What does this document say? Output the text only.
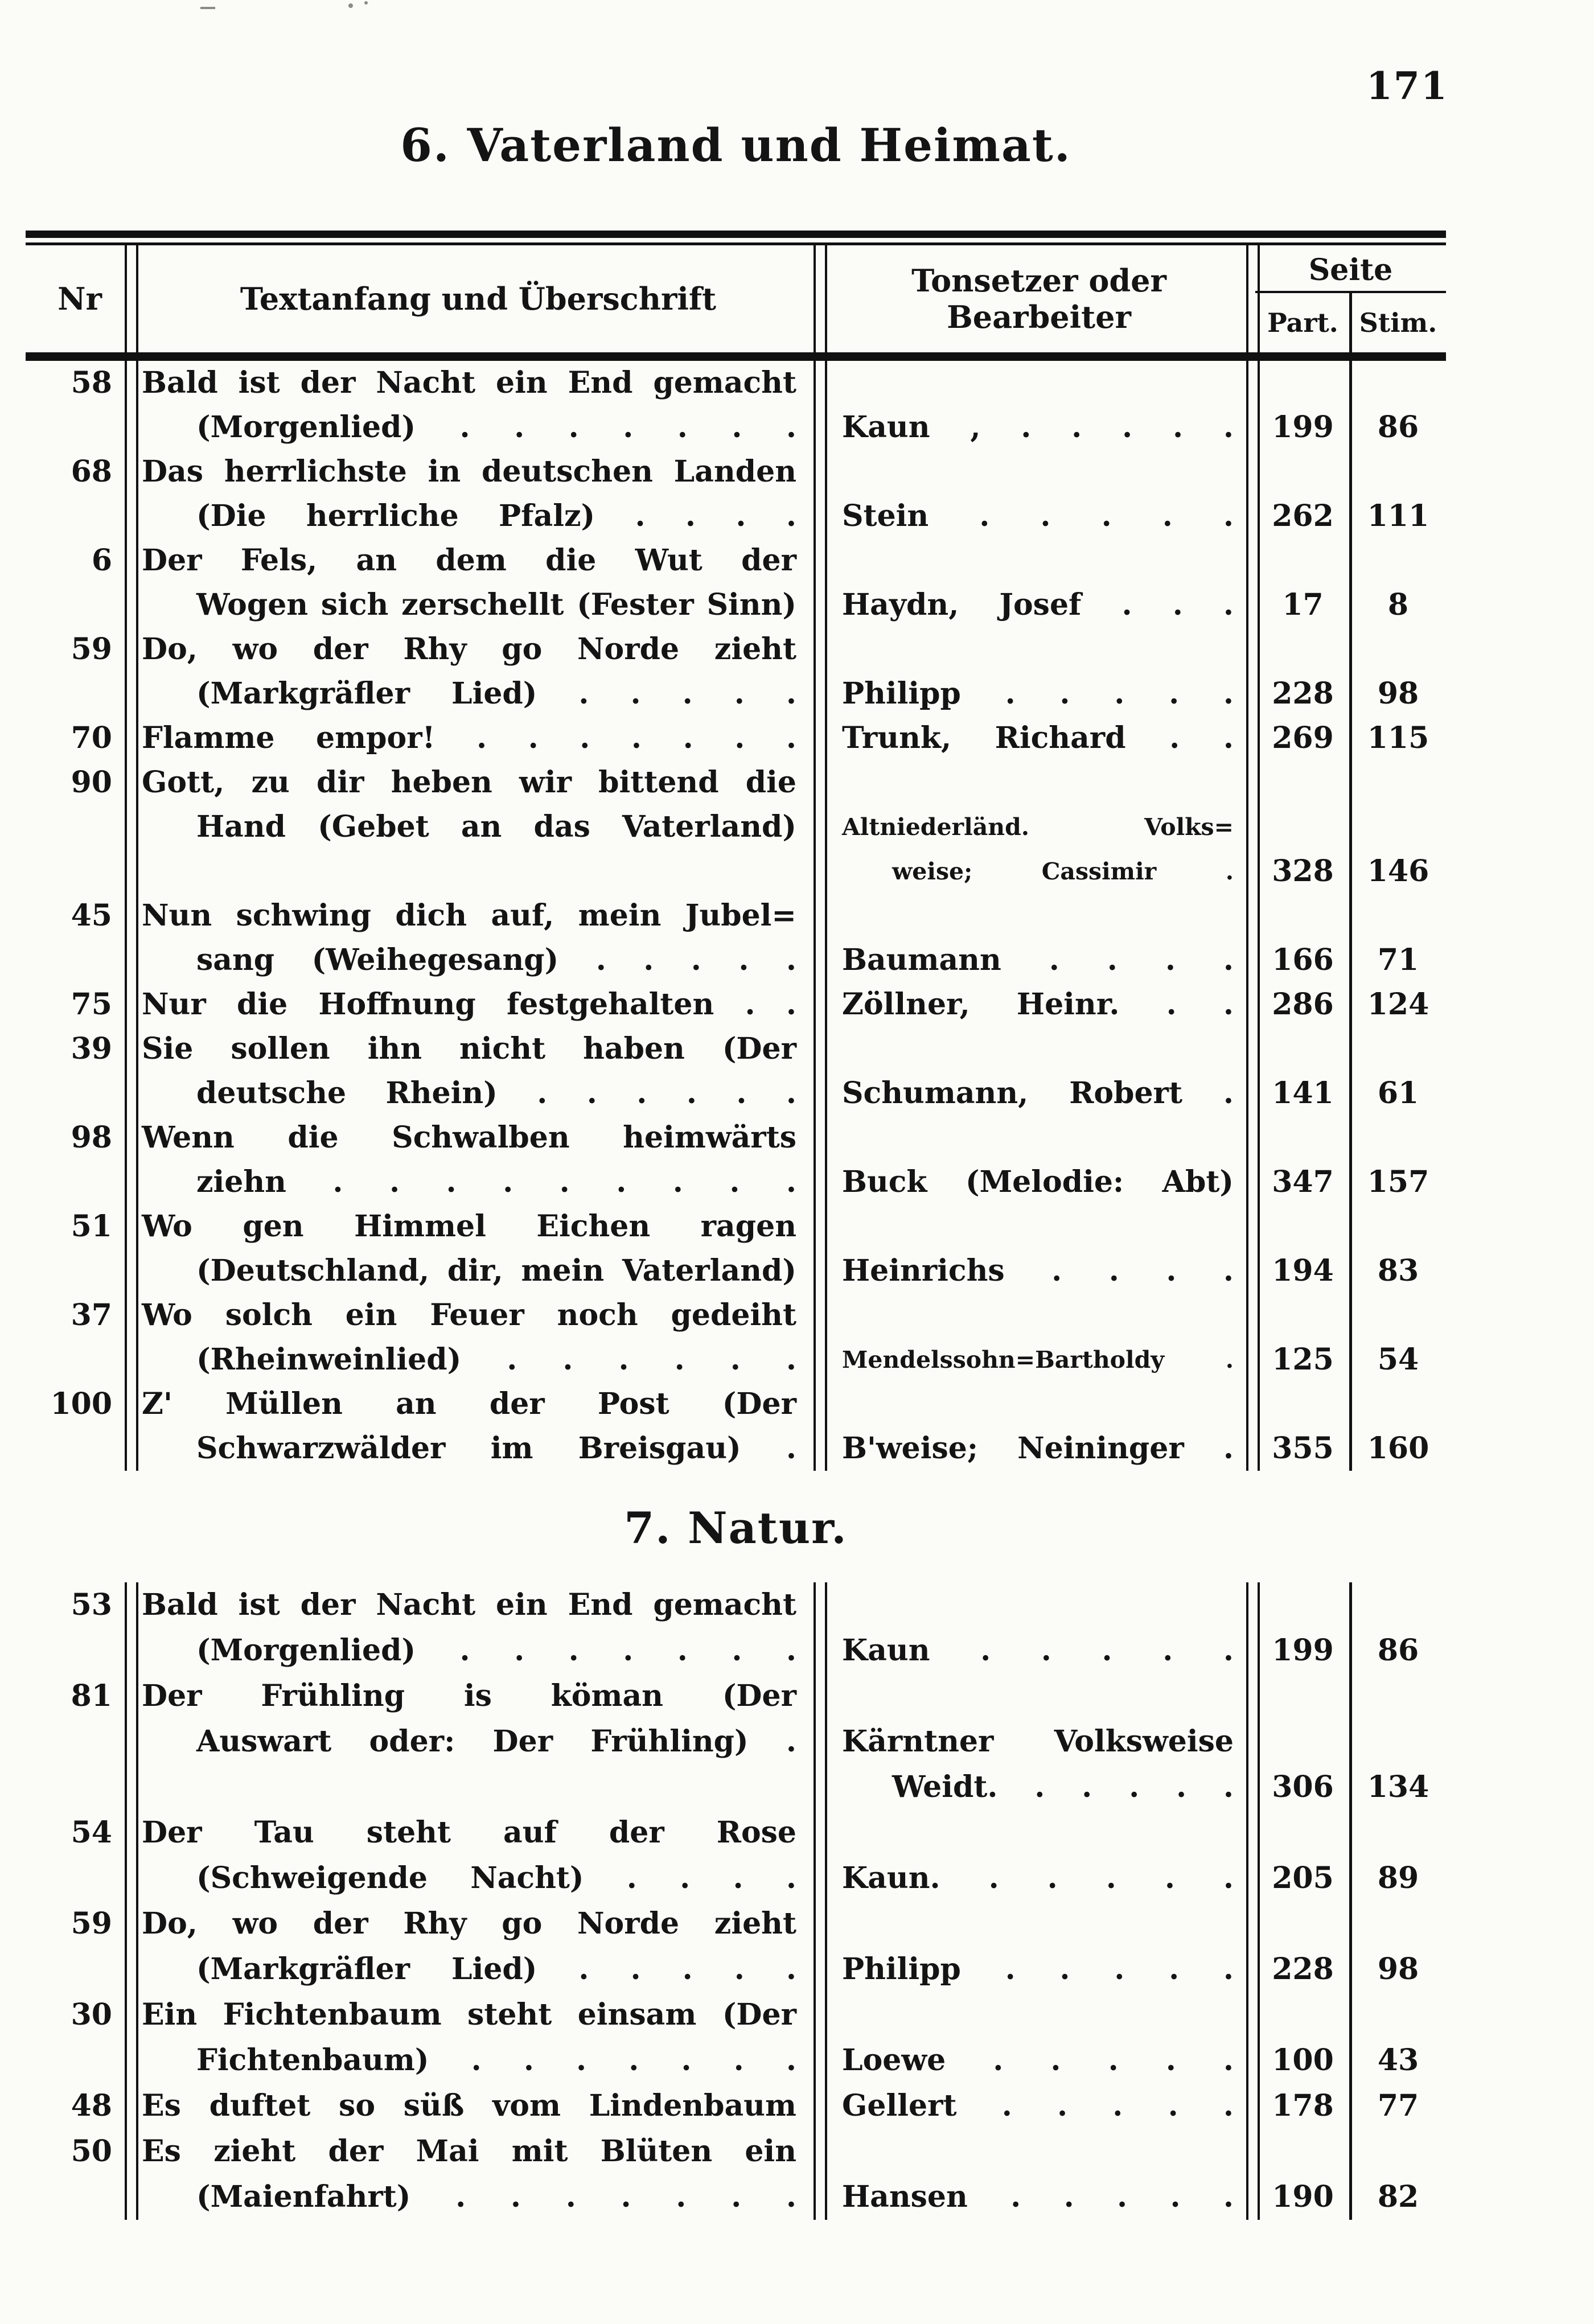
171
6. Vaterland und Heimat.
Nr	Textanfang und Überschrift	Tonsetzer oder
Bearbeiter
Seite
Part. Stim.
58 Bald ist der Nacht ein End gemacht
(Morgenlied) . . . . . . . Kaun , . . . . .	199	86
68 Das herrlichste in deutschen Landen
(Die herrliche Pfalz) . . . . Stein . . . . .	262	111
6 Der Fels, an dem die Wut der
Wogen sich zerschellt (Fester Sinn) Haydn, Josef . . .	17	8
59 Do, wo der Rhy go Norde zieht
(Markgräfler Lied) . . . . . Philipp . . . . .	228	98
70 Flamme empor! . . . . . . . Trunk, Richard . .	269	115
90 Gott, zu dir heben wir bittend die
Hand (Gebet an das Vaterland) Altniederländ. Volks=
weise; Cassimir .	328	146
45 Nun schwing dich auf, mein Jubel=
sang (Weihegesang) . . . . . Baumann . . . .	166	71
75 Nur die Hoffnung festgehalten . . Zöllner, Heinr. . .	286	124
39 Sie sollen ihn nicht haben (Der
deutsche Rhein) . . . . . . Schumann, Robert .	141	61
98 Wenn die Schwalben heimwärts
ziehn . . . . . . . . . Buck (Melodie: Abt)	347	157
51 Wo gen Himmel Eichen ragen
(Deutschland, dir, mein Vaterland) Heinrichs . . . .	194	83
37 Wo solch ein Feuer noch gedeiht
(Rheinweinlied) . . . . . . Mendelssohn=Bartholdy .	125	54
100 Z' Müllen an der Post (Der
Schwarzwälder im Breisgau) . B'weise; Neininger .	355	160
7. Natur.
53 Bald ist der Nacht ein End gemacht
(Morgenlied) . . . . . . . Kaun . . . . .	199	86
81 Der Frühling is köman (Der
Auswart oder: Der Frühling) . Kärntner Volksweise
Weidt. . . . . .	306	134
54 Der Tau steht auf der Rose
(Schweigende Nacht) . . . . Kaun. . . . . .	205	89
59 Do, wo der Rhy go Norde zieht
(Markgräfler Lied) . . . . . Philipp . . . . .	228	98
30 Ein Fichtenbaum steht einsam (Der
Fichtenbaum) . . . . . . . Loewe . . . . .	100	43
48 Es duftet so süß vom Lindenbaum Gellert . . . . .	178	77
50 Es zieht der Mai mit Blüten ein
(Maienfahrt) . . . . . . . Hansen . . . . .	190	82
